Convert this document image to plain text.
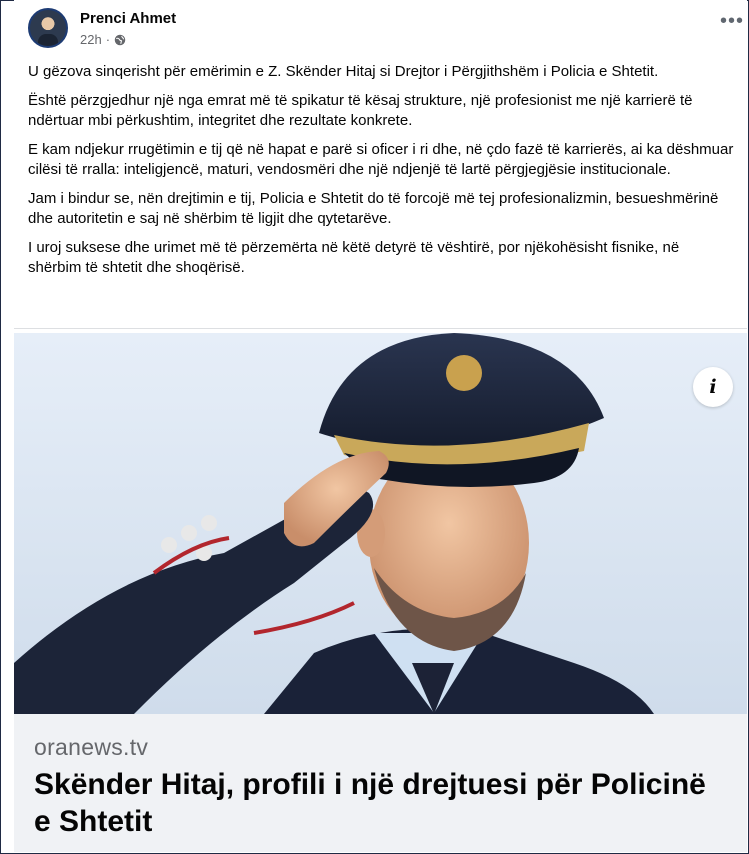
Prenci Ahmet
22h ·
•••

U gëzova sinqerisht për emërimin e Z. Skënder Hitaj si Drejtor i Përgjithshëm i Policia e Shtetit.

Është përzgjedhur një nga emrat më të spikatur të kësaj strukture, një profesionist me një karrierë të ndërtuar mbi përkushtim, integritet dhe rezultate konkrete.

E kam ndjekur rrugëtimin e tij që në hapat e parë si oficer i ri dhe, në çdo fazë të karrierës, ai ka dëshmuar cilësi të rralla: inteligjencë, maturi, vendosmëri dhe një ndjenjë të lartë përgjegjësie institucionale.

Jam i bindur se, nën drejtimin e tij, Policia e Shtetit do të forcojë më tej profesionalizmin, besueshmërinë dhe autoritetin e saj në shërbim të ligjit dhe qytetarëve.

I uroj suksese dhe urimet më të përzemërta në këtë detyrë të vështirë, por njëkohësisht fisnike, në shërbim të shtetit dhe shoqërisë.

i
oranews.tv
Skënder Hitaj, profili i një drejtuesi për Policinë e Shtetit
